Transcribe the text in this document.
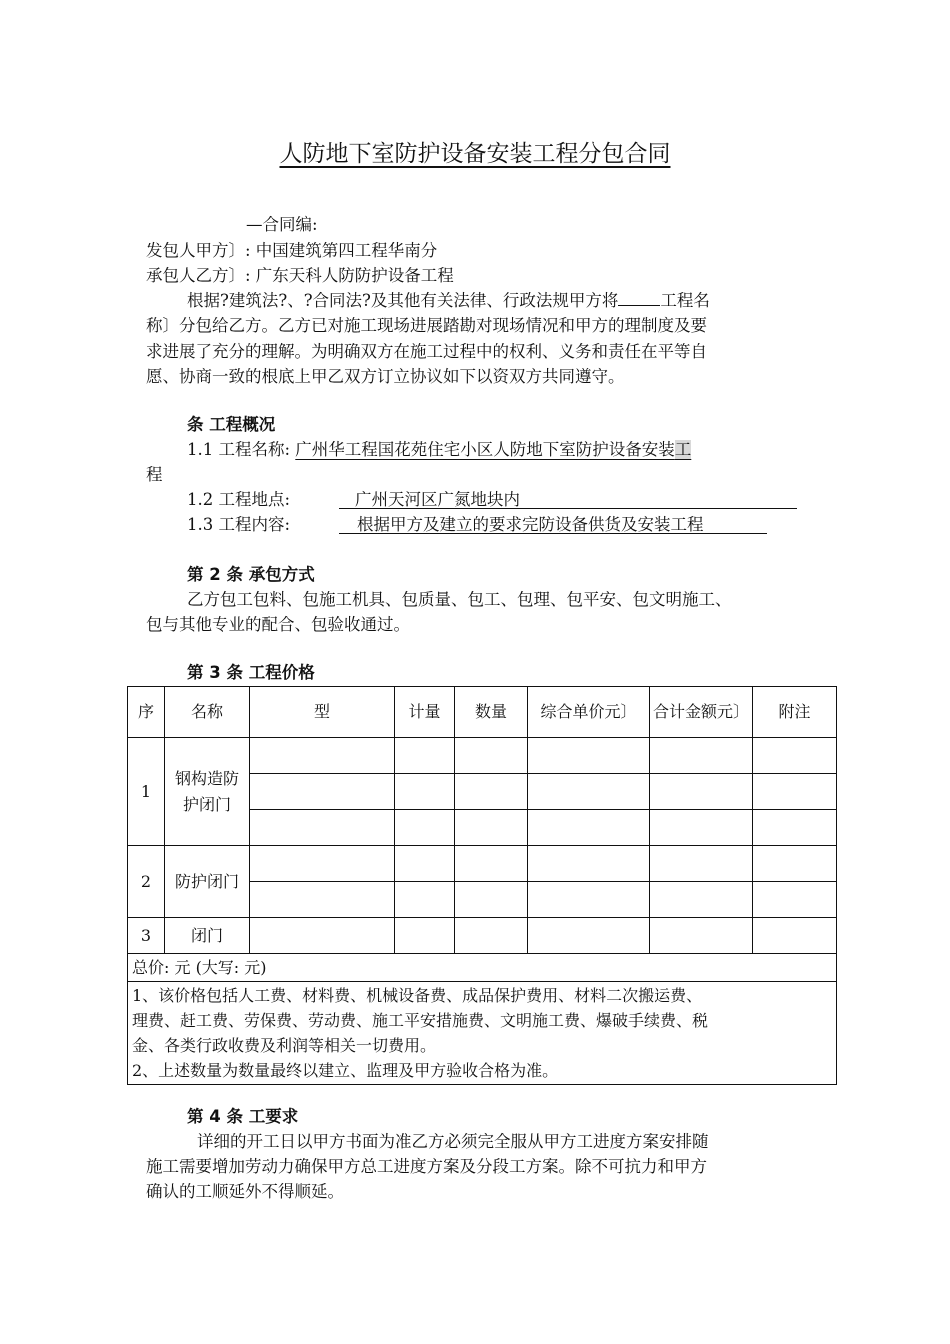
人防地下室防护设备安装工程分包合同
—合同编:
发包人甲方〕: 中国建筑第四工程华南分
承包人乙方〕: 广东天科人防防护设备工程
根据?建筑法?、?合同法?及其他有关法律、行政法规甲方将	工程名
称〕分包给乙方。乙方已对施工现场进展踏勘对现场情况和甲方的理制度及要
求进展了充分的理解。为明确双方在施工过程中的权利、义务和责任在平等自
愿、协商一致的根底上甲乙双方订立协议如下以资双方共同遵守。
条 工程概况
1.1 工程名称: 广州华工程国花苑住宅小区人防地下室防护设备安装工
程
1.2 工程地点:	广州天河区广氮地块内
1.3 工程内容:	根据甲方及建立的要求完防设备供货及安装工程
第 2 条 承包方式
乙方包工包料、包施工机具、包质量、包工、包理、包平安、包文明施工、
包与其他专业的配合、包验收通过。
第 3 条 工程价格
序	名称	型	计量	数量	综合单价元〕	合计金额元〕	附注
1	钢构造防护闭门						

2	防护闭门						

3	闭门						
总价: 元 (大写: 元)							

1、该价格包括人工费、材料费、机械设备费、成品保护费用、材料二次搬运费、
理费、赶工费、劳保费、劳动费、施工平安措施费、文明施工费、爆破手续费、税
金、各类行政收费及利润等相关一切费用。
2、上述数量为数量最终以建立、监理及甲方验收合格为准。							
第 4 条 工要求
详细的开工日以甲方书面为准乙方必须完全服从甲方工进度方案安排随
施工需要增加劳动力确保甲方总工进度方案及分段工方案。除不可抗力和甲方
确认的工顺延外不得顺延。
